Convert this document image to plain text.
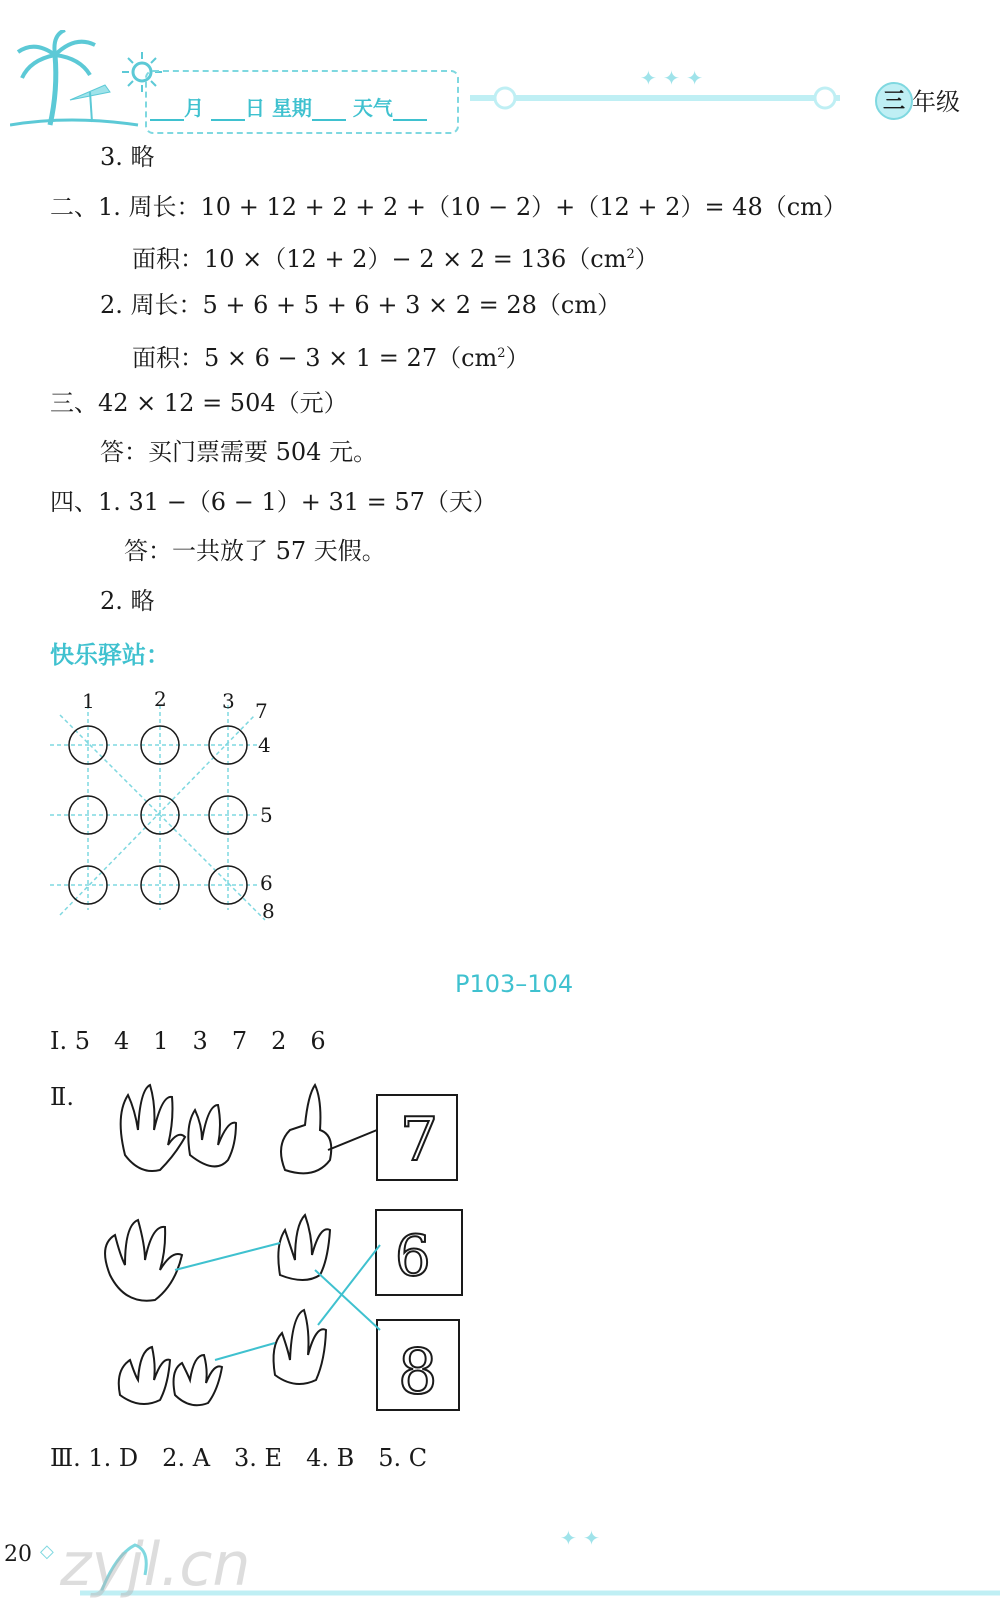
月 日 星期 天气
✦ ✦ ✦
三 年级
3. 略
二、1. 周长：10 + 12 + 2 + 2 +（10 − 2）+（12 + 2）= 48（cm）
面积：$10 \times(12 + 2)- 2 \times 2 = 136(cm^2)$
2. 周长：5 + 6 + 5 + 6 + 3 × 2 = 28（cm）
面积：$5 \times 6 - 3 \times 1 = 27(cm^2)$
三、42 × 12 = 504（元）
答：买门票需要 504 元。
四、1. 31 −（6 − 1）+ 31 = 57（天）
答：一共放了 57 天假。
2. 略
快乐驿站：
1	2	3 7
4
5
6
8
P103–104
Ⅰ. 5　4　1　3　7　2　6
Ⅱ.
7
6
8
Ⅲ. 1. D　2. A　3. E　4. B　5. C
20 ◇
✦ ✦
zyjl.cn
